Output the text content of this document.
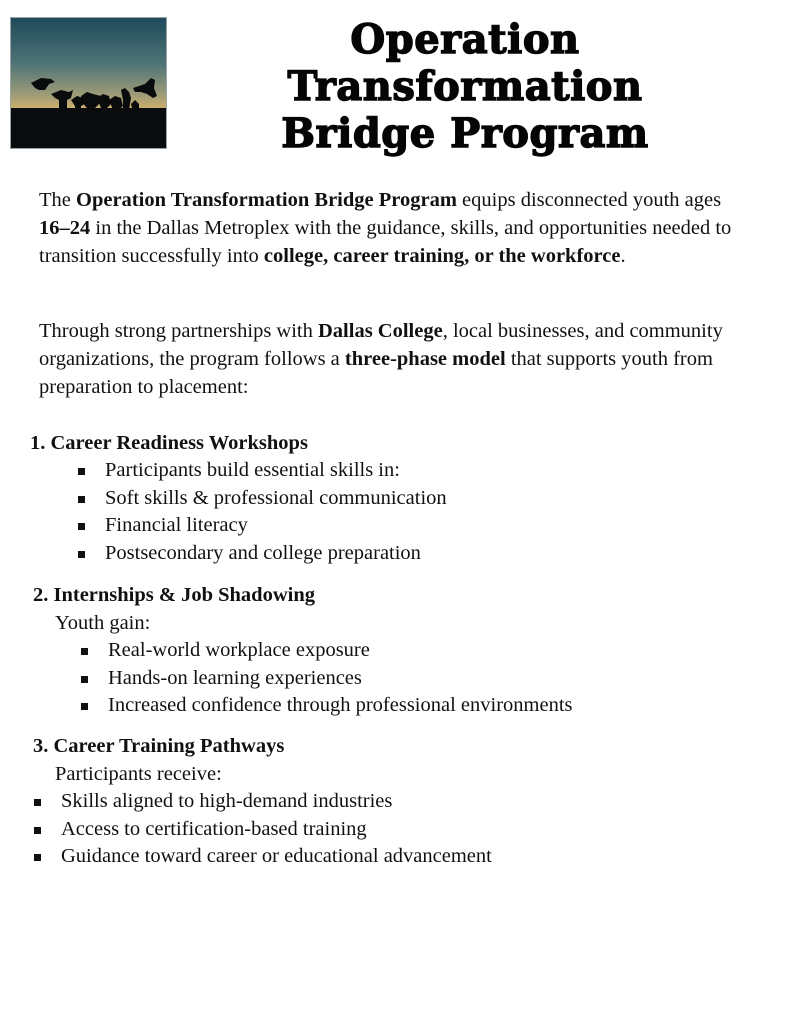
Operation Transformation
Bridge Program

The Operation Transformation Bridge Program equips disconnected youth ages 16–24 in the Dallas Metroplex with the guidance, skills, and opportunities needed to transition successfully into college, career training, or the workforce.

Through strong partnerships with Dallas College, local businesses, and community organizations, the program follows a three-phase model that supports youth from preparation to placement:

1. Career Readiness Workshops
Participants build essential skills in:
Soft skills & professional communication
Financial literacy
Postsecondary and college preparation
2. Internships & Job Shadowing

Youth gain:

Real-world workplace exposure
Hands-on learning experiences
Increased confidence through professional environments
3. Career Training Pathways

Participants receive:

Skills aligned to high-demand industries
Access to certification-based training
Guidance toward career or educational advancement
